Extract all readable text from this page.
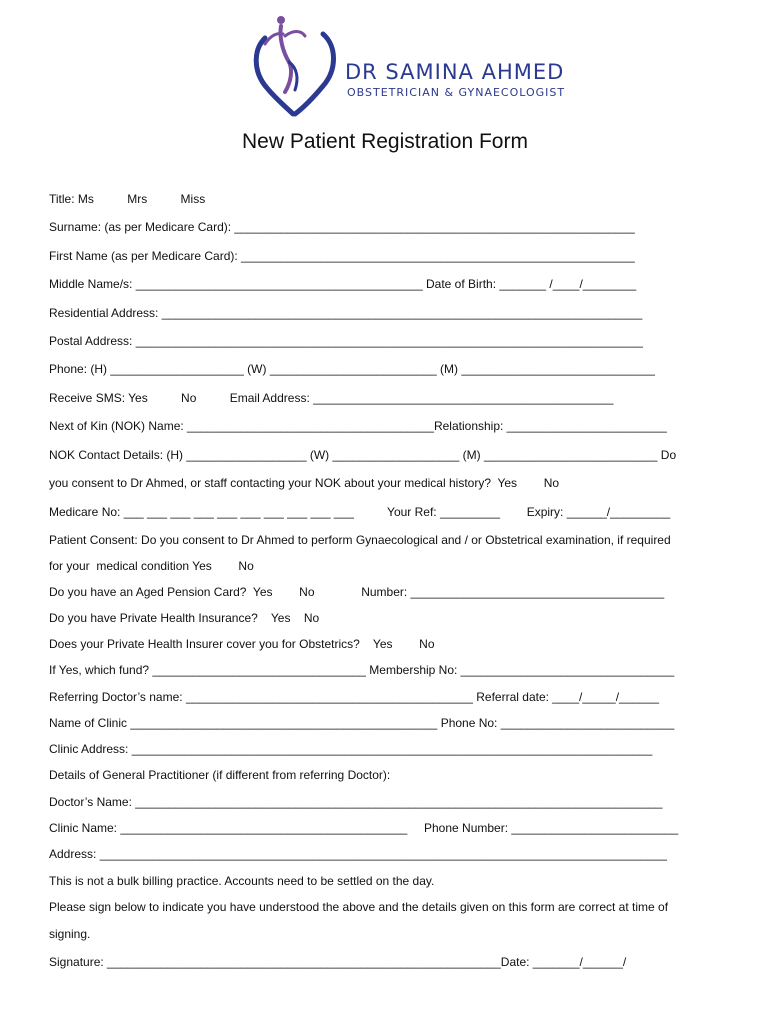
DR SAMINA AHMED
OBSTETRICIAN & GYNAECOLOGIST
New Patient Registration Form
Title: Ms          Mrs          Miss
Surname: (as per Medicare Card): ____________________________________________________________
First Name (as per Medicare Card): ___________________________________________________________
Middle Name/s: ___________________________________________ Date of Birth: _______ /____/________
Residential Address: ________________________________________________________________________
Postal Address: ____________________________________________________________________________
Phone: (H) ____________________ (W) _________________________ (M) _____________________________
Receive SMS: Yes          No          Email Address: _____________________________________________
Next of Kin (NOK) Name: _____________________________________Relationship: ________________________
NOK Contact Details: (H) __________________ (W) ___________________ (M) __________________________ Do
you consent to Dr Ahmed, or staff contacting your NOK about your medical history?  Yes        No
Medicare No: ___ ___ ___ ___ ___ ___ ___ ___ ___ ___          Your Ref: _________        Expiry: ______/_________
Patient Consent: Do you consent to Dr Ahmed to perform Gynaecological and / or Obstetrical examination, if required
for your  medical condition Yes        No
Do you have an Aged Pension Card?  Yes        No              Number: ______________________________________
Do you have Private Health Insurance?    Yes    No
Does your Private Health Insurer cover you for Obstetrics?    Yes        No
If Yes, which fund? ________________________________ Membership No: ________________________________
Referring Doctor’s name: ___________________________________________ Referral date: ____/_____/______
Name of Clinic ______________________________________________ Phone No: __________________________
Clinic Address: ______________________________________________________________________________
Details of General Practitioner (if different from referring Doctor):
Doctor’s Name: _______________________________________________________________________________
Clinic Name: ___________________________________________     Phone Number: _________________________
Address: _____________________________________________________________________________________
This is not a bulk billing practice. Accounts need to be settled on the day.
Please sign below to indicate you have understood the above and the details given on this form are correct at time of
signing.
Signature: ___________________________________________________________Date: _______/______/
